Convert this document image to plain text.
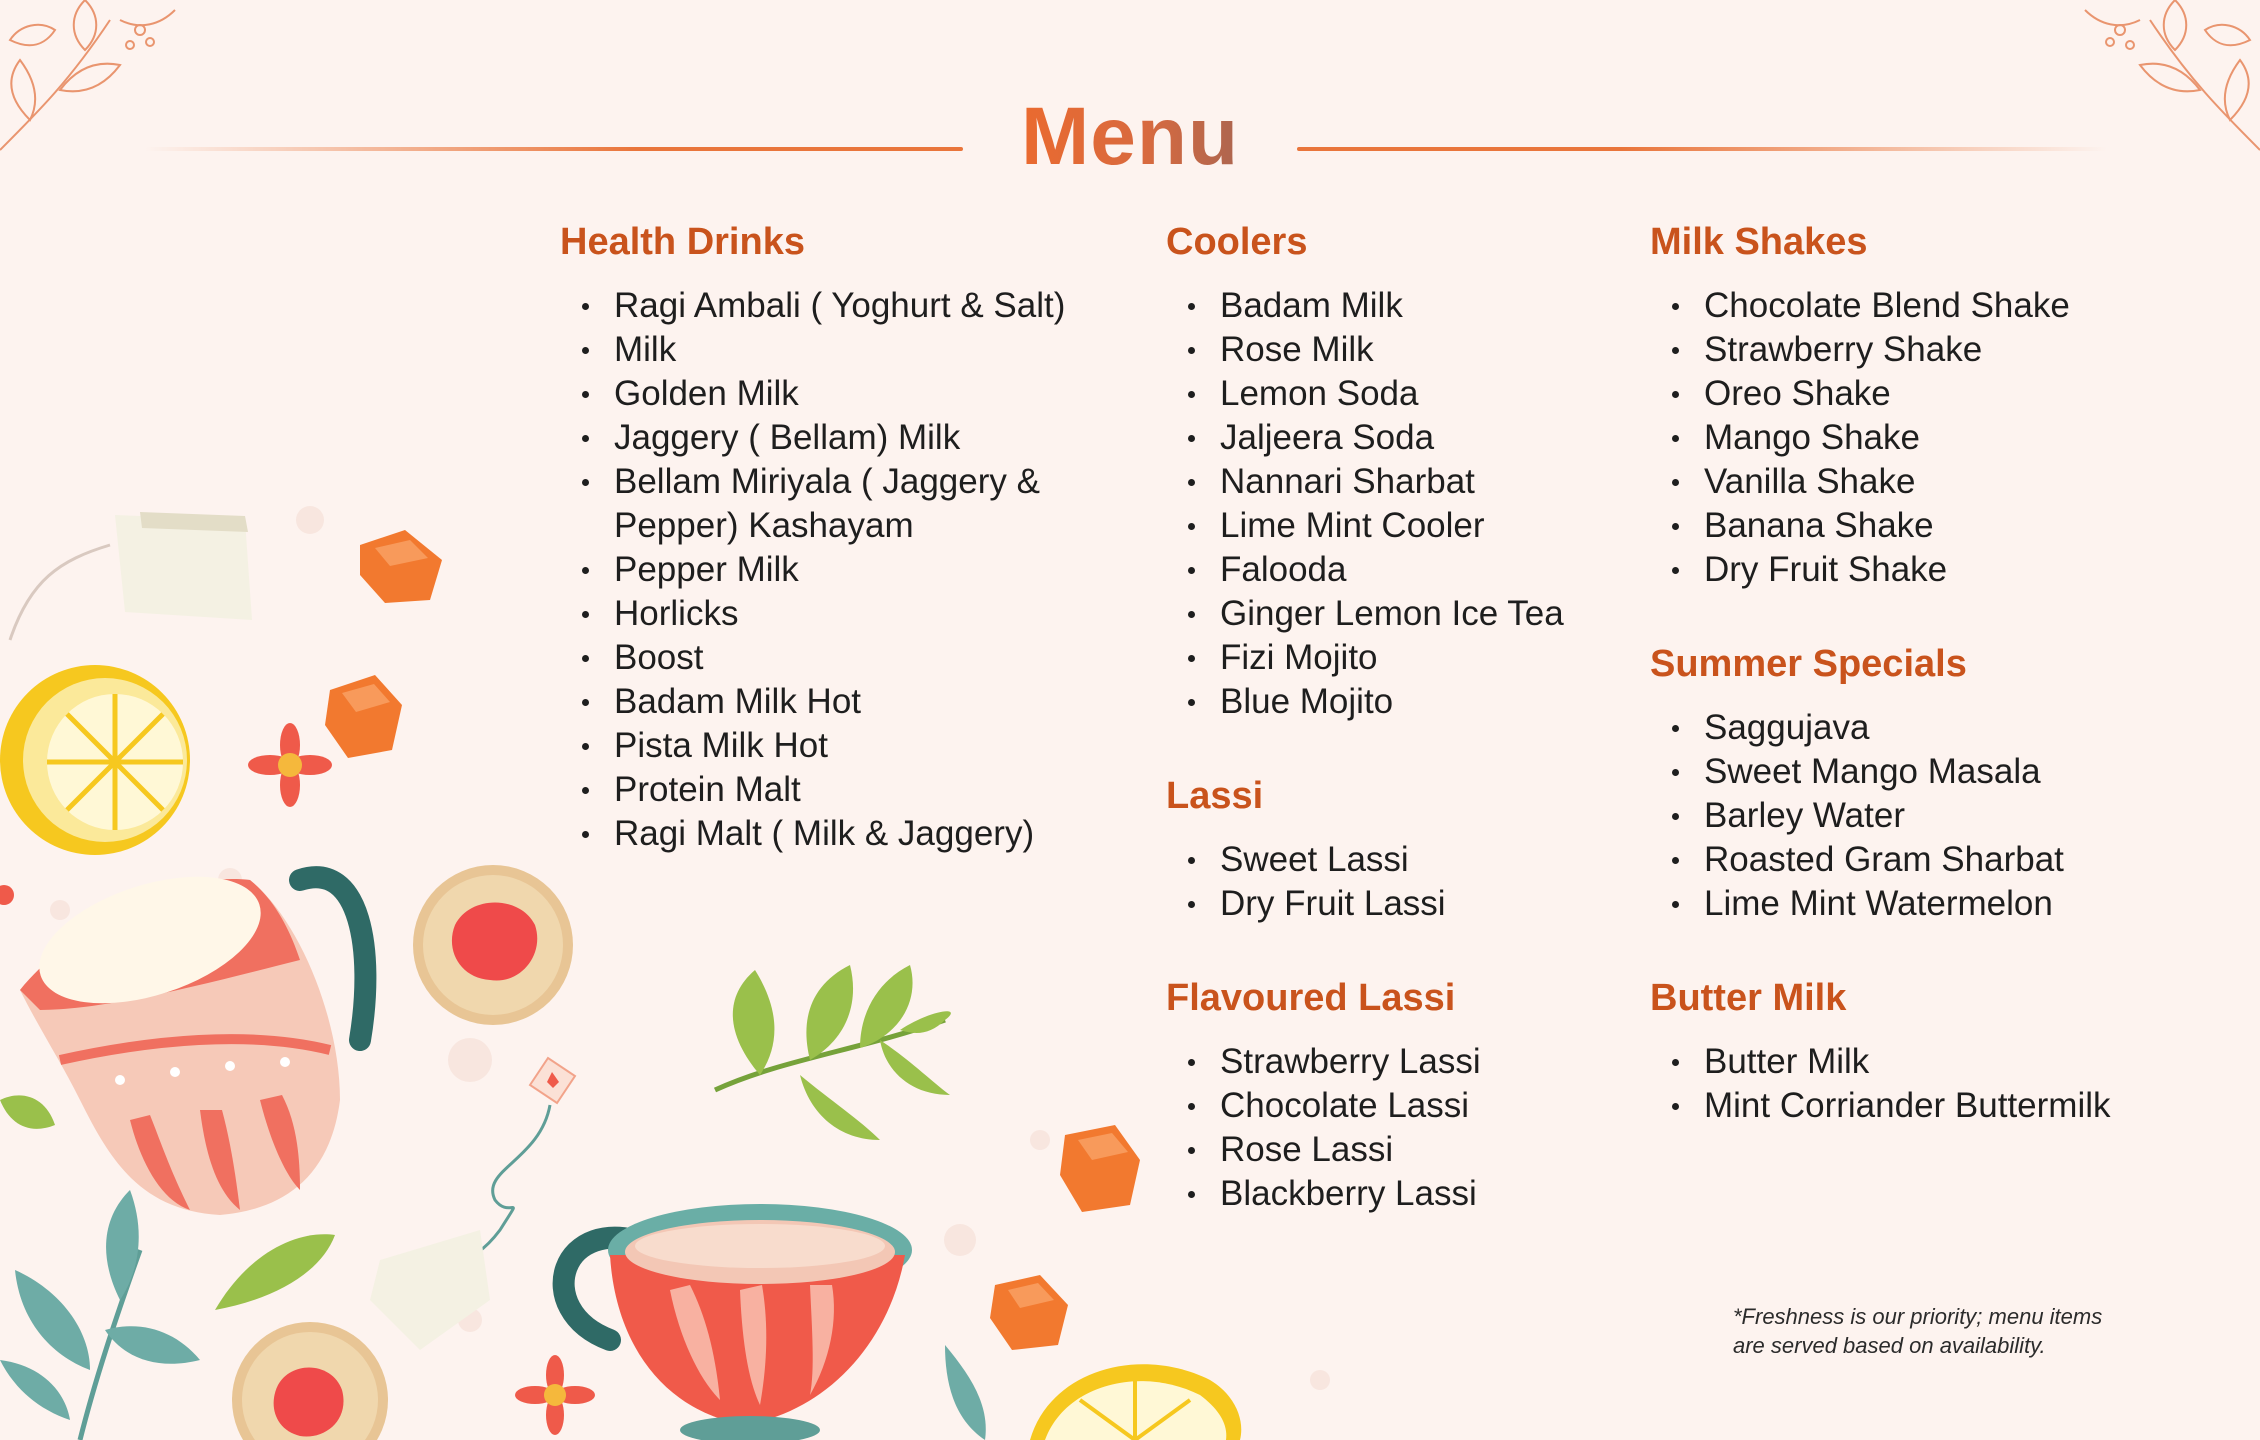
Menu
Health Drinks
Ragi Ambali ( Yoghurt & Salt)
Milk
Golden Milk
Jaggery ( Bellam) Milk
Bellam Miriyala ( Jaggery & Pepper) Kashayam
Pepper Milk
Horlicks
Boost
Badam Milk Hot
Pista Milk Hot
Protein Malt
Ragi Malt ( Milk & Jaggery)
Coolers
Badam Milk
Rose Milk
Lemon Soda
Jaljeera Soda
Nannari Sharbat
Lime Mint Cooler
Falooda
Ginger Lemon Ice Tea
Fizi Mojito
Blue Mojito
Lassi
Sweet Lassi
Dry Fruit Lassi
Flavoured Lassi
Strawberry Lassi
Chocolate Lassi
Rose Lassi
Blackberry Lassi
Milk Shakes
Chocolate Blend Shake
Strawberry Shake
Oreo Shake
Mango Shake
Vanilla Shake
Banana Shake
Dry Fruit Shake
Summer Specials
Saggujava
Sweet Mango Masala
Barley Water
Roasted Gram Sharbat
Lime Mint Watermelon
Butter Milk
Butter Milk
Mint Corriander Buttermilk
*Freshness is our priority; menu items
are served based on availability.
